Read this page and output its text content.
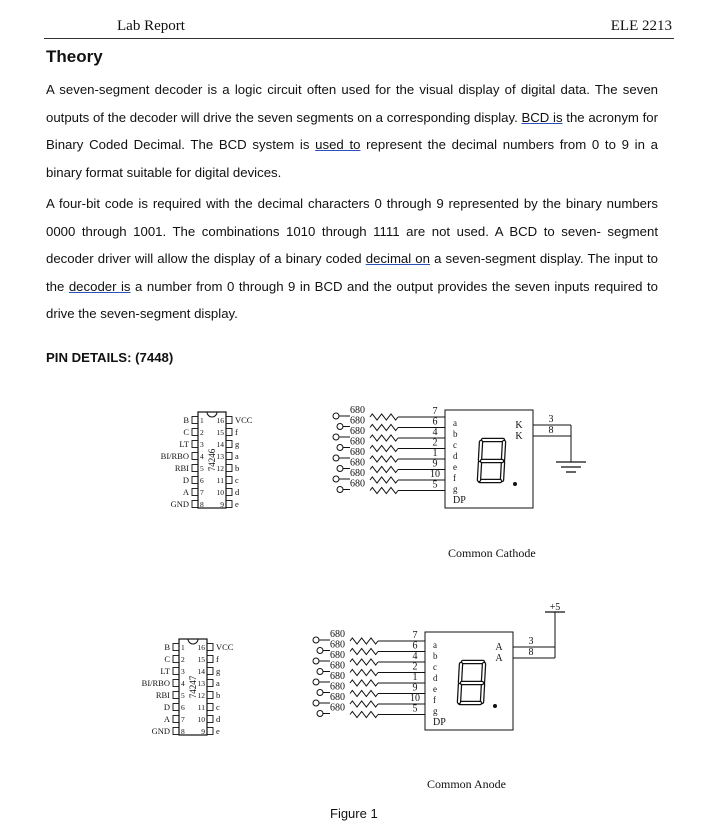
Lab Report	ELE 2213
Theory
A seven-segment decoder is a logic circuit often used for the visual display of digital data. The seven outputs of the decoder will drive the seven segments on a corresponding display. BCD is the acronym for Binary Coded Decimal. The BCD system is used to represent the decimal numbers from 0 to 9 in a binary format suitable for digital devices.
A four-bit code is required with the decimal characters 0 through 9 represented by the binary numbers 0000 through 1001. The combinations 1010 through 1111 are not used. A BCD to seven- segment decoder driver will allow the display of a binary coded decimal on a seven-segment display. The input to the decoder is a number from 0 through 9 in BCD and the output provides the seven inputs required to drive the seven-segment display.
PIN DETAILS: (7448)
74246
B 1 16 VCC
C 2 15 f
LT 3 14 g
BI/RBO 4 13 a
RBI 5 12 b
D 6 11 c
A 7 10 d
GND 8 9 e
680	7
680	6
680	4
680	2
680	1
680	9
680	10
680	5
a
b
c
d
e
f
g
DP
K
K
3
8
74247
B 1 16 VCC
C 2 15 f
LT 3 14 g
BI/RBO 4 13 a
RBI 5 12 b
D 6 11 c
A 7 10 d
GND 8 9 e
680	7
680	6
680	4
680	2
680	1
680	9
680	10
680	5
a
b
c
d
e
f
g
DP
A
A
3
8
+5
Common Cathode
Common Anode
Figure 1
